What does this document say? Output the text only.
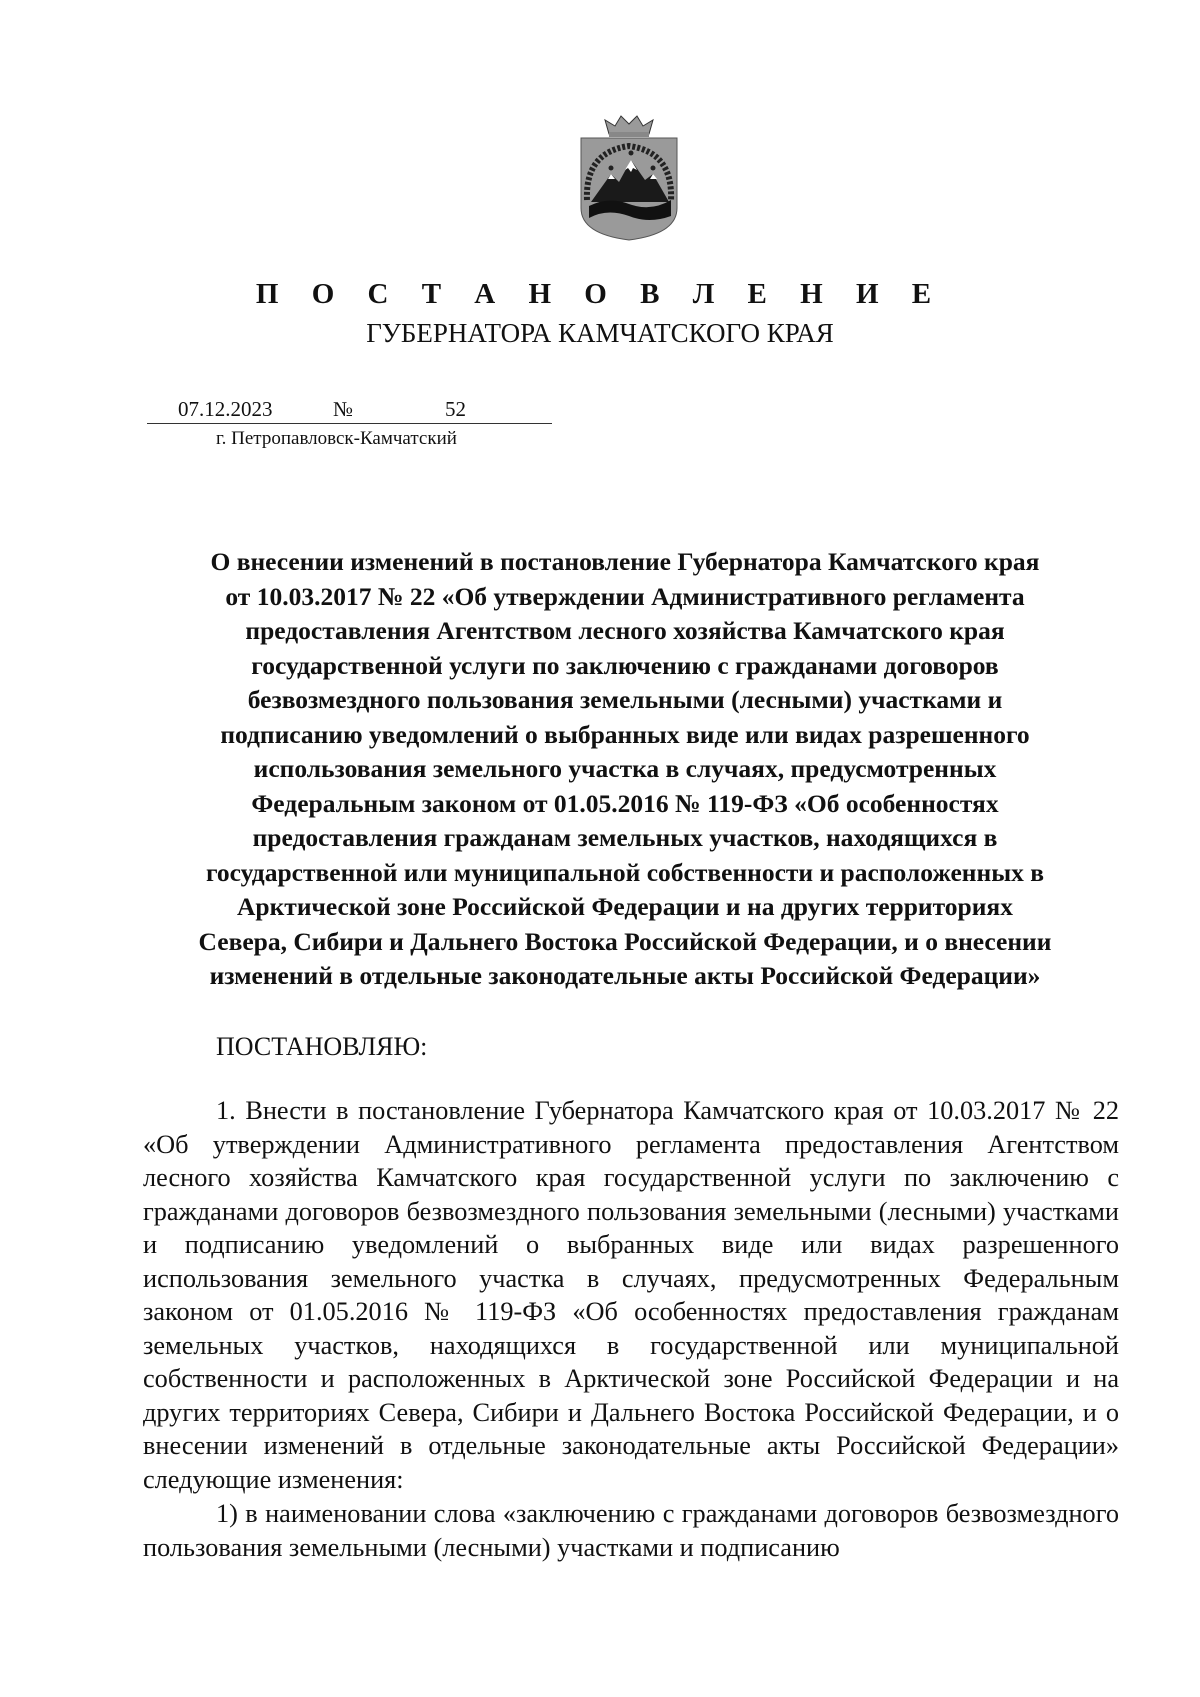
П О С Т А Н О В Л Е Н И Е
ГУБЕРНАТОРА КАМЧАТСКОГО КРАЯ
07.12.2023	№	52
г. Петропавловск-Камчатский
О внесении изменений в постановление Губернатора Камчатского края
от 10.03.2017 № 22 «Об утверждении Административного регламента
предоставления Агентством лесного хозяйства Камчатского края
государственной услуги по заключению с гражданами договоров
безвозмездного пользования земельными (лесными) участками и
подписанию уведомлений о выбранных виде или видах разрешенного
использования земельного участка в случаях, предусмотренных
Федеральным законом от 01.05.2016 № 119-ФЗ «Об особенностях
предоставления гражданам земельных участков, находящихся в
государственной или муниципальной собственности и расположенных в
Арктической зоне Российской Федерации и на других территориях
Севера, Сибири и Дальнего Востока Российской Федерации, и о внесении
изменений в отдельные законодательные акты Российской Федерации»
ПОСТАНОВЛЯЮ:

1. Внести в постановление Губернатора Камчатского края от 10.03.2017 № 22 «Об утверждении Административного регламента предоставления Агентством лесного хозяйства Камчатского края государственной услуги по заключению с гражданами договоров безвозмездного пользования земельными (лесными) участками и подписанию уведомлений о выбранных виде или видах разрешенного использования земельного участка в случаях, предусмотренных Федеральным законом от 01.05.2016 № 119-ФЗ «Об особенностях предоставления гражданам земельных участков, находящихся в государственной или муниципальной собственности и расположенных в Арктической зоне Российской Федерации и на других территориях Севера, Сибири и Дальнего Востока Российской Федерации, и о внесении изменений в отдельные законодательные акты Российской Федерации» следующие изменения:

1) в наименовании слова «заключению с гражданами договоров безвозмездного пользования земельными (лесными) участками и подписанию
